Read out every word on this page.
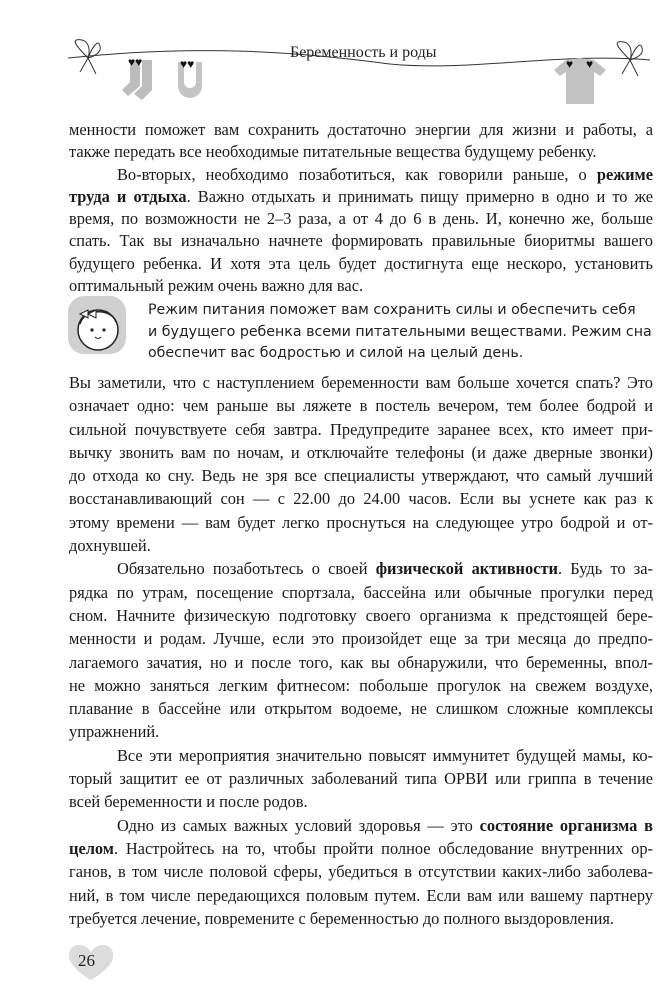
♥♥	♥♥	♥ ♥
Беременность и роды
менности поможет вам сохранить достаточно энергии для жизни и работы, а
также передать все необходимые питательные вещества будущему ребенку.
Во-вторых, необходимо позаботиться, как говорили раньше, о режиме
труда и отдыха. Важно отдыхать и принимать пищу примерно в одно и то же
время, по возможности не 2–3 раза, а от 4 до 6 в день. И, конечно же, больше
спать. Так вы изначально начнете формировать правильные биоритмы вашего
будущего ребенка. И хотя эта цель будет достигнута еще нескоро, установить
оптимальный режим очень важно для вас.
Режим питания поможет вам сохранить силы и обеспечить себя
и будущего ребенка всеми питательными веществами. Режим сна
обеспечит вас бодростью и силой на целый день.
Вы заметили, что с наступлением беременности вам больше хочется спать? Это
означает одно: чем раньше вы ляжете в постель вечером, тем более бодрой и
сильной почувствуете себя завтра. Предупредите заранее всех, кто имеет при-
вычку звонить вам по ночам, и отключайте телефоны (и даже дверные звонки)
до отхода ко сну. Ведь не зря все специалисты утверждают, что самый лучший
восстанавливающий сон — с 22.00 до 24.00 часов. Если вы уснете как раз к
этому времени — вам будет легко проснуться на следующее утро бодрой и от-
дохнувшей.
Обязательно позаботьтесь о своей физической активности. Будь то за-
рядка по утрам, посещение спортзала, бассейна или обычные прогулки перед
сном. Начните физическую подготовку своего организма к предстоящей бере-
менности и родам. Лучше, если это произойдет еще за три месяца до предпо-
лагаемого зачатия, но и после того, как вы обнаружили, что беременны, впол-
не можно заняться легким фитнесом: побольше прогулок на свежем воздухе,
плавание в бассейне или открытом водоеме, не слишком сложные комплексы
упражнений.
Все эти мероприятия значительно повысят иммунитет будущей мамы, ко-
торый защитит ее от различных заболеваний типа ОРВИ или гриппа в течение
всей беременности и после родов.
Одно из самых важных условий здоровья — это состояние организма в
целом. Настройтесь на то, чтобы пройти полное обследование внутренних ор-
ганов, в том числе половой сферы, убедиться в отсутствии каких-либо заболева-
ний, в том числе передающихся половым путем. Если вам или вашему партнеру
требуется лечение, повремените с беременностью до полного выздоровления.
26
